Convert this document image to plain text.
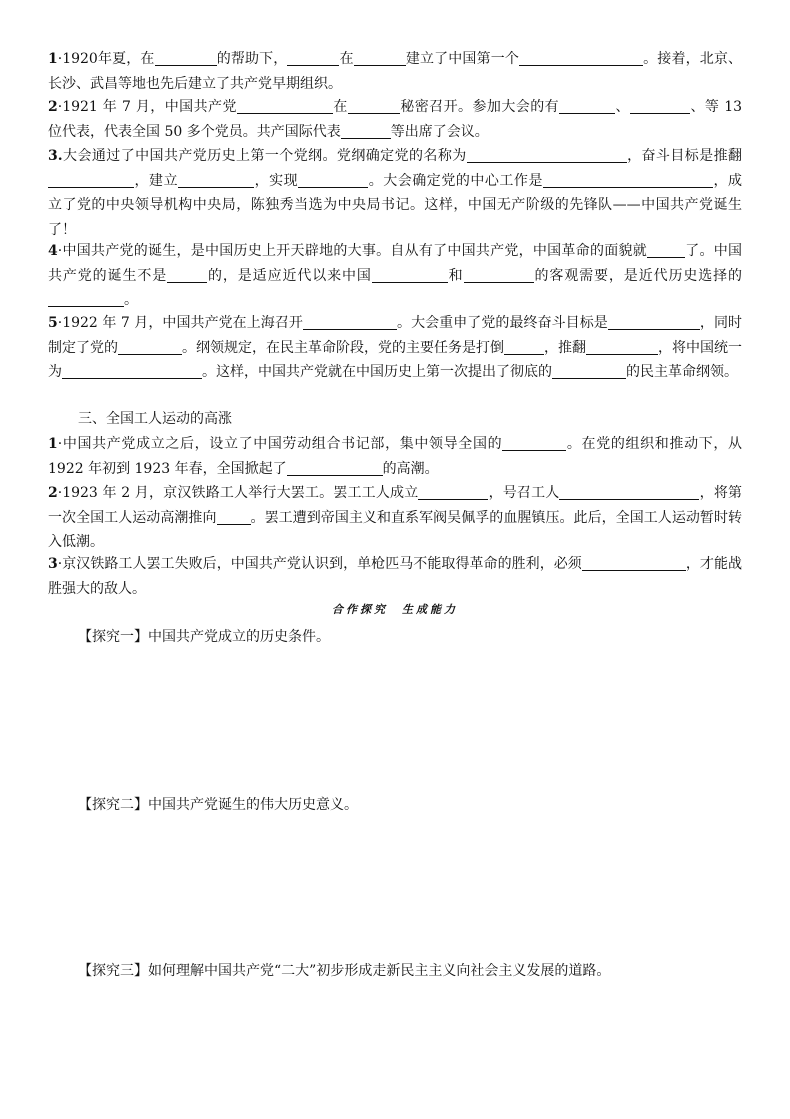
1·1920年夏，在	的帮助下，	在	建立了中国第一个	。接着，北京、长沙、武昌等地也先后建立了共产党早期组织。
2·1921 年 7 月，中国共产党	在	秘密召开。参加大会的有	、	、等 13 位代表，代表全国 50 多个党员。共产国际代表	等出席了会议。
3.大会通过了中国共产党历史上第一个党纲。党纲确定党的名称为	，奋斗目标是推翻，建立	，实现	。大会确定党的中心工作是	，成立了党的中央领导机构中央局，陈独秀当选为中央局书记。这样，中国无产阶级的先锋队——中国共产党诞生了！
4·中国共产党的诞生，是中国历史上开天辟地的大事。自从有了中国共产党，中国革命的面貌就	了。中国共产党的诞生不是	的，是适应近代以来中国	和	的客观需要，是近代历史选择的。
5·1922 年 7 月，中国共产党在上海召开	。大会重申了党的最终奋斗目标是	，同时制定了党的	。纲领规定，在民主革命阶段，党的主要任务是打倒	，推翻	，将中国统一为	。这样，中国共产党就在中国历史上第一次提出了彻底的	的民主革命纲领。
三、全国工人运动的高涨
1·中国共产党成立之后，设立了中国劳动组合书记部，集中领导全国的	。在党的组织和推动下，从 1922 年初到 1923 年春，全国掀起了	的高潮。
2·1923 年 2 月，京汉铁路工人举行大罢工。罢工工人成立	，号召工人	，将第一次全国工人运动高潮推向 。罢工遭到帝国主义和直系军阀吴佩孚的血腥镇压。此后，全国工人运动暂时转入低潮。
3·京汉铁路工人罢工失败后，中国共产党认识到，单枪匹马不能取得革命的胜利，必须	，才能战胜强大的敌人。
合作探究　生成能力
【探究一】中国共产党成立的历史条件。
【探究二】中国共产党诞生的伟大历史意义。
【探究三】如何理解中国共产党“二大”初步形成走新民主主义向社会主义发展的道路。
